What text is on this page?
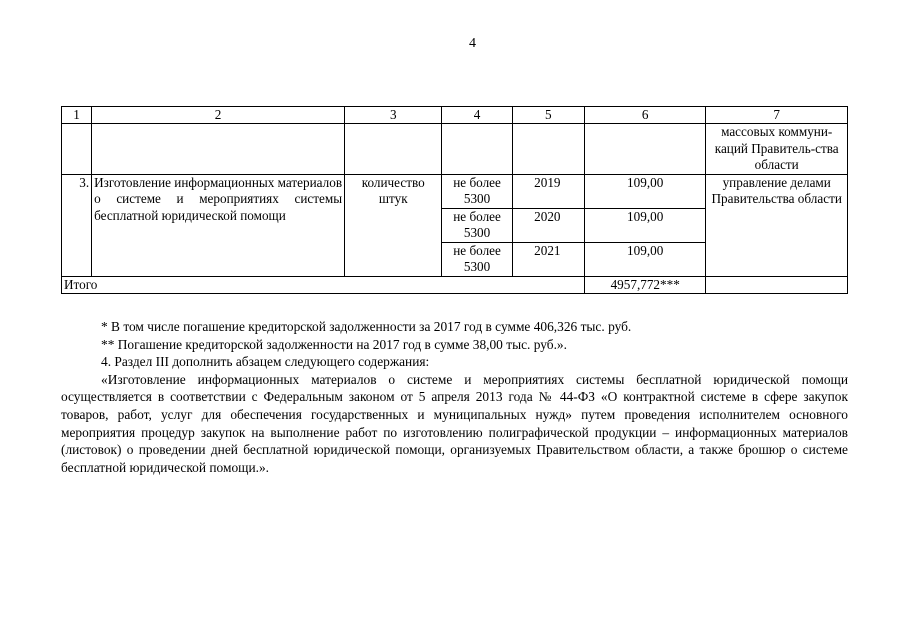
4
1	2	3	4	5	6	7
						массовых коммуни-каций Правитель-ства области
3.	Изготовление информационных материалов о системе и мероприятиях системы бесплатной юридической помощи	количество штук	не более 5300	2019	109,00	управление делами Правительства области
			не более 5300	2020	109,00	
			не более 5300	2021	109,00	
Итого					4957,772***	

* В том числе погашение кредиторской задолженности за 2017 год в сумме 406,326 тыс. руб.

** Погашение кредиторской задолженности на 2017 год в сумме 38,00 тыс. руб.».

4. Раздел III дополнить абзацем следующего содержания:

«Изготовление информационных материалов о системе и мероприятиях системы бесплатной юридической помощи осуществляется в соответствии с Федеральным законом от 5 апреля 2013 года № 44-ФЗ «О контрактной системе в сфере закупок товаров, работ, услуг для обеспечения государственных и муниципальных нужд» путем проведения исполнителем основного мероприятия процедур закупок на выполнение работ по изготовлению полиграфической продукции – информационных материалов (листовок) о проведении дней бесплатной юридической помощи, организуемых Правительством области, а также брошюр о системе бесплатной юридической помощи.».
